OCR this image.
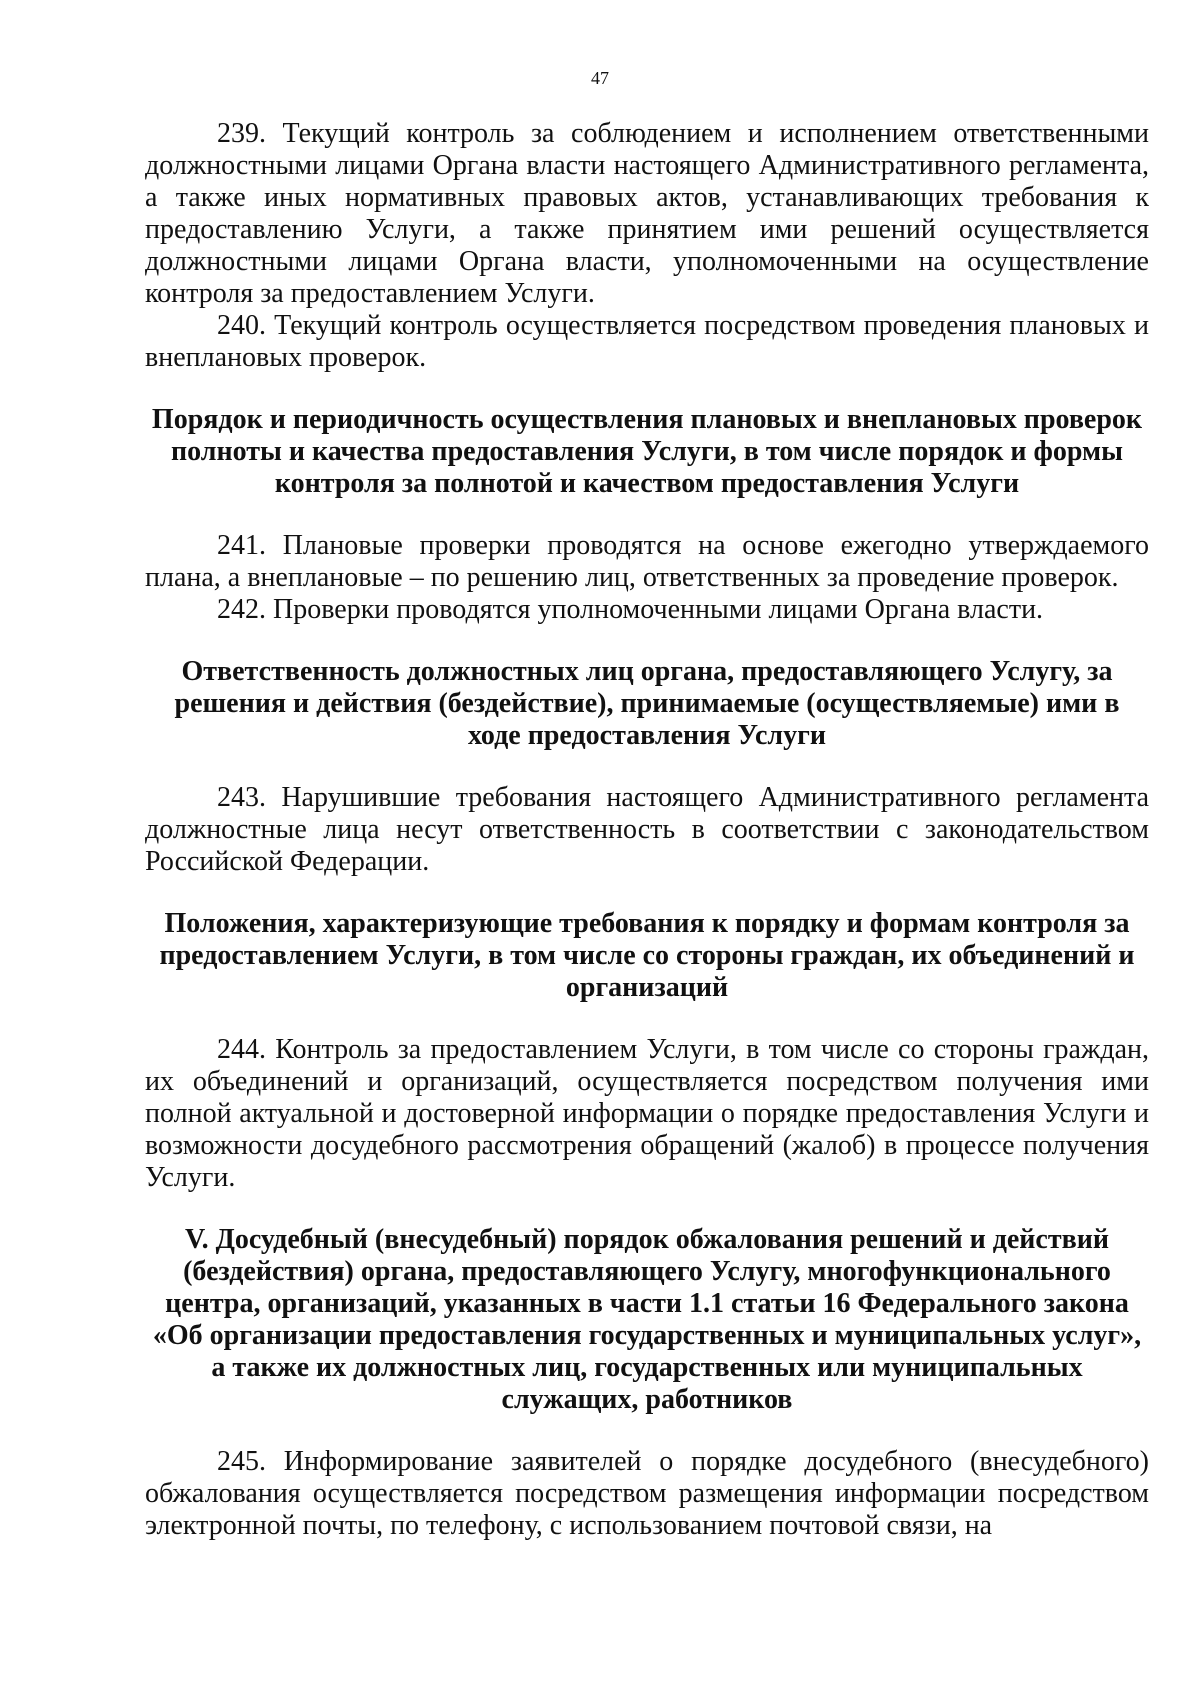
47

239. Текущий контроль за соблюдением и исполнением ответственными должностными лицами Органа власти настоящего Административного регламента, а также иных нормативных правовых актов, устанавливающих требования к предоставлению Услуги, а также принятием ими решений осуществляется должностными лицами Органа власти, уполномоченными на осуществление контроля за предоставлением Услуги.

240. Текущий контроль осуществляется посредством проведения плановых и внеплановых проверок.

Порядок и периодичность осуществления плановых и внеплановых проверок полноты и качества предоставления Услуги, в том числе порядок и формы контроля за полнотой и качеством предоставления Услуги

241. Плановые проверки проводятся на основе ежегодно утверждаемого плана, а внеплановые – по решению лиц, ответственных за проведение проверок.

242. Проверки проводятся уполномоченными лицами Органа власти.

Ответственность должностных лиц органа, предоставляющего Услугу, за решения и действия (бездействие), принимаемые (осуществляемые) ими в ходе предоставления Услуги

243. Нарушившие требования настоящего Административного регламента должностные лица несут ответственность в соответствии с законодательством Российской Федерации.

Положения, характеризующие требования к порядку и формам контроля за предоставлением Услуги, в том числе со стороны граждан, их объединений и организаций

244. Контроль за предоставлением Услуги, в том числе со стороны граждан, их объединений и организаций, осуществляется посредством получения ими полной актуальной и достоверной информации о порядке предоставления Услуги и возможности досудебного рассмотрения обращений (жалоб) в процессе получения Услуги.

V. Досудебный (внесудебный) порядок обжалования решений и действий (бездействия) органа, предоставляющего Услугу, многофункционального центра, организаций, указанных в части 1.1 статьи 16 Федерального закона «Об организации предоставления государственных и муниципальных услуг», а также их должностных лиц, государственных или муниципальных служащих, работников

245. Информирование заявителей о порядке досудебного (внесудебного) обжалования осуществляется посредством размещения информации посредством электронной почты, по телефону, с использованием почтовой связи, на
